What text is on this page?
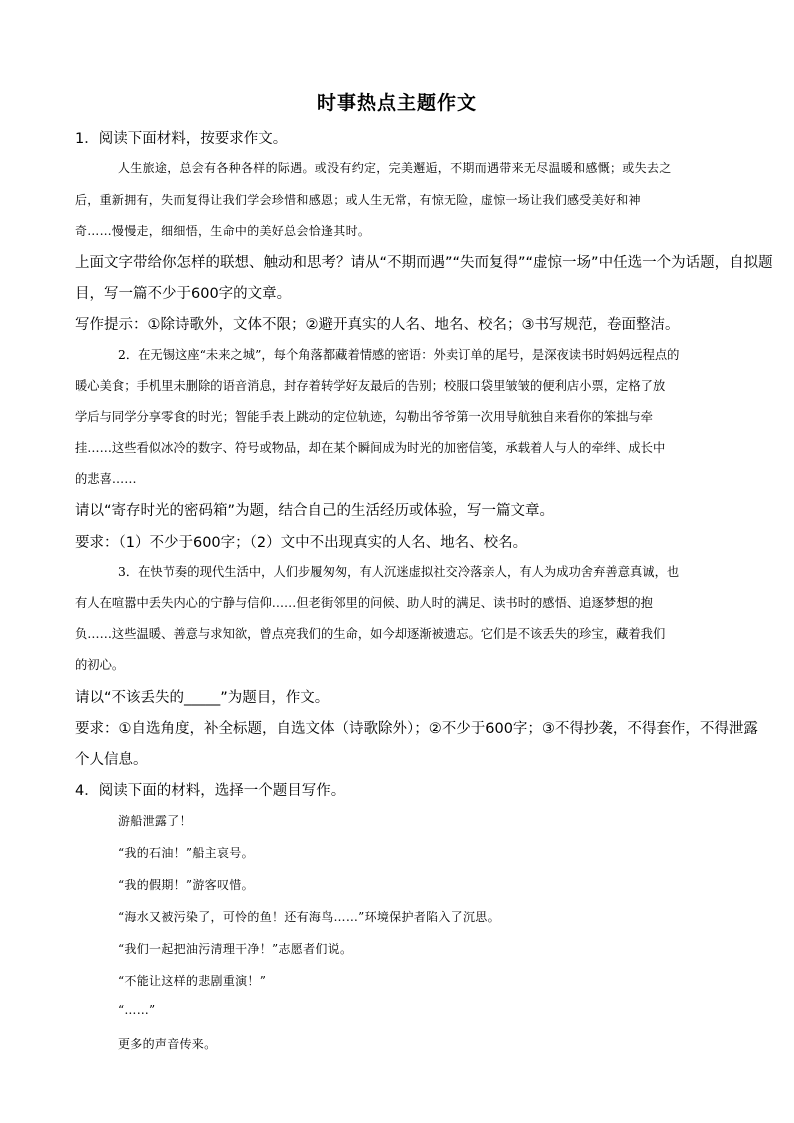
时事热点主题作文
1．阅读下面材料，按要求作文。
人生旅途，总会有各种各样的际遇。或没有约定，完美邂逅，不期而遇带来无尽温暖和感慨；或失去之
后，重新拥有，失而复得让我们学会珍惜和感恩；或人生无常，有惊无险，虚惊一场让我们感受美好和神
奇……慢慢走，细细悟，生命中的美好总会恰逢其时。
上面文字带给你怎样的联想、触动和思考？请从“不期而遇”“失而复得”“虚惊一场”中任选一个为话题，自拟题
目，写一篇不少于600字的文章。
写作提示：①除诗歌外，文体不限；②避开真实的人名、地名、校名；③书写规范，卷面整洁。
2．在无锡这座“未来之城”，每个角落都藏着情感的密语：外卖订单的尾号，是深夜读书时妈妈远程点的
暖心美食；手机里未删除的语音消息，封存着转学好友最后的告别；校服口袋里皱皱的便利店小票，定格了放
学后与同学分享零食的时光；智能手表上跳动的定位轨迹，勾勒出爷爷第一次用导航独自来看你的笨拙与牵
挂……这些看似冰冷的数字、符号或物品，却在某个瞬间成为时光的加密信笺，承载着人与人的牵绊、成长中
的悲喜……
请以“寄存时光的密码箱”为题，结合自己的生活经历或体验，写一篇文章。
要求：（1）不少于600字；（2）文中不出现真实的人名、地名、校名。
3．在快节奏的现代生活中，人们步履匆匆，有人沉迷虚拟社交冷落亲人，有人为成功舍弃善意真诚，也
有人在喧嚣中丢失内心的宁静与信仰……但老街邻里的问候、助人时的满足、读书时的感悟、追逐梦想的抱
负……这些温暖、善意与求知欲，曾点亮我们的生命，如今却逐渐被遗忘。它们是不该丢失的珍宝，藏着我们
的初心。
请以“不该丢失的_____”为题目，作文。
要求：①自选角度，补全标题，自选文体（诗歌除外）；②不少于600字；③不得抄袭，不得套作，不得泄露
个人信息。
4．阅读下面的材料，选择一个题目写作。
游船泄露了！
“我的石油！”船主哀号。
“我的假期！”游客叹惜。
“海水又被污染了，可怜的鱼！还有海鸟……”环境保护者陷入了沉思。
“我们一起把油污清理干净！”志愿者们说。
“不能让这样的悲剧重演！”
“……”
更多的声音传来。
